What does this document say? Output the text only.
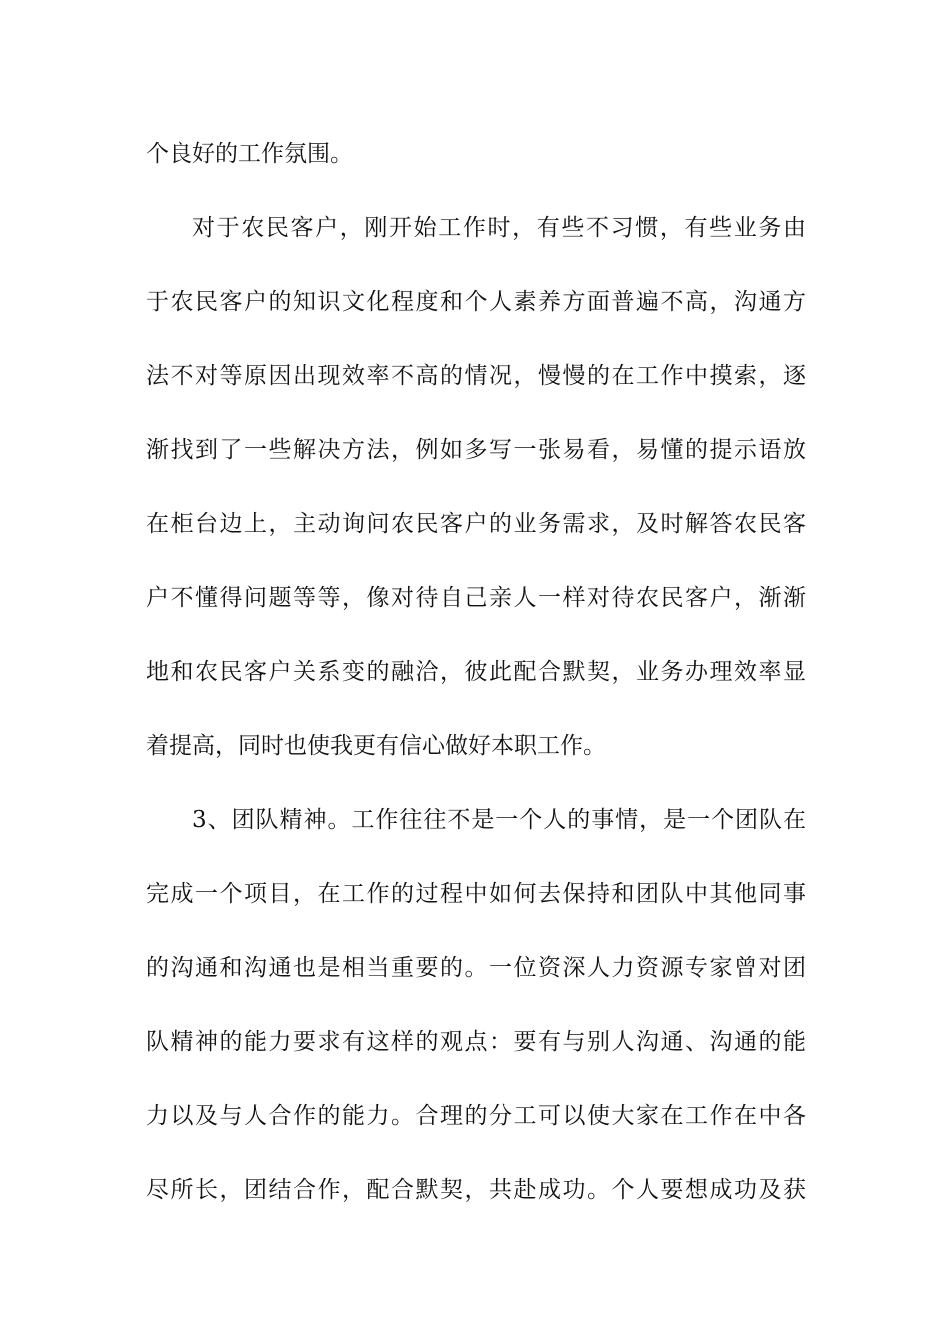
个良好的工作氛围。
对于农民客户，刚开始工作时，有些不习惯，有些业务由
于农民客户的知识文化程度和个人素养方面普遍不高，沟通方
法不对等原因出现效率不高的情况，慢慢的在工作中摸索，逐
渐找到了一些解决方法，例如多写一张易看，易懂的提示语放
在柜台边上，主动询问农民客户的业务需求，及时解答农民客
户不懂得问题等等，像对待自己亲人一样对待农民客户，渐渐
地和农民客户关系变的融洽，彼此配合默契，业务办理效率显
着提高，同时也使我更有信心做好本职工作。
3、团队精神。工作往往不是一个人的事情，是一个团队在
完成一个项目，在工作的过程中如何去保持和团队中其他同事
的沟通和沟通也是相当重要的。一位资深人力资源专家曾对团
队精神的能力要求有这样的观点：要有与别人沟通、沟通的能
力以及与人合作的能力。合理的分工可以使大家在工作在中各
尽所长，团结合作，配合默契，共赴成功。个人要想成功及获
